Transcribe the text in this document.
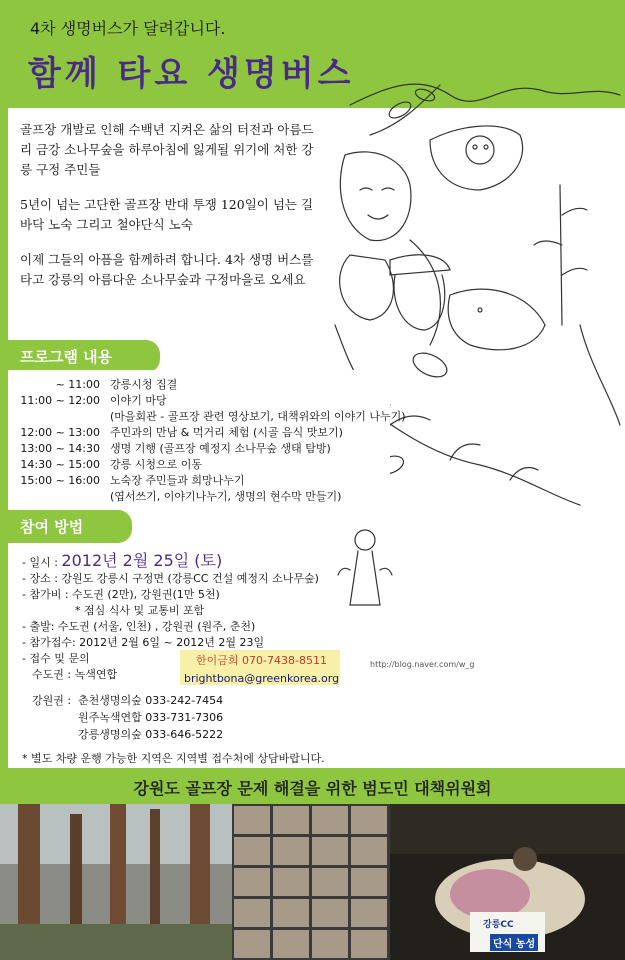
4차 생명버스가 달려갑니다.
함께 타요 생명버스

골프장 개발로 인해 수백년 지켜온 삶의 터전과 아름드리 금강 소나무숲을 하루아침에 잃게될 위기에 처한 강릉 구정 주민들

5년이 넘는 고단한 골프장 반대 투쟁 120일이 넘는 길바닥 노숙 그리고 철야단식 노숙

이제 그들의 아픔을 함께하려 합니다. 4차 생명 버스를 타고 강릉의 아름다운 소나무숲과 구정마을로 오세요

프로그램 내용
~ 11:00 강릉시청 집결
11:00 ~ 12:00 이야기 마당
(마을회관 - 골프장 관련 영상보기, 대책위와의 이야기 나누기)
12:00 ~ 13:00 주민과의 만남 & 먹거리 체험 (시골 음식 맛보기)
13:00 ~ 14:30 생명 기행 (골프장 예정지 소나무숲 생태 탐방)
14:30 ~ 15:00 강릉 시청으로 이동
15:00 ~ 16:00 노숙장 주민들과 희망나누기
(엽서쓰기, 이야기나누기, 생명의 현수막 만들기)
참여 방법
- 일시 : 2012년 2월 25일 (토)
- 장소 : 강원도 강릉시 구정면 (강릉CC 건설 예정지 소나무숲)
- 참가비 : 수도권 (2만), 강원권(1만 5천)
* 점심 식사 및 교통비 포함
- 출발: 수도권 (서울, 인천) , 강원권 (원주, 춘천)
- 참가접수: 2012년 2월 6일 ~ 2012년 2월 23일
- 접수 및 문의
수도권 : 녹색연합
한이금희 070-7438-8511
brightbona@greenkorea.org
http://blog.naver.com/w_g
강원권 : 춘천생명의숲 033-242-7454
원주녹색연합 033-731-7306
강릉생명의숲 033-646-5222
* 별도 차량 운행 가능한 지역은 지역별 접수처에 상담바랍니다.
강원도 골프장 문제 해결을 위한 범도민 대책위원회
강릉CC
단식 농성
